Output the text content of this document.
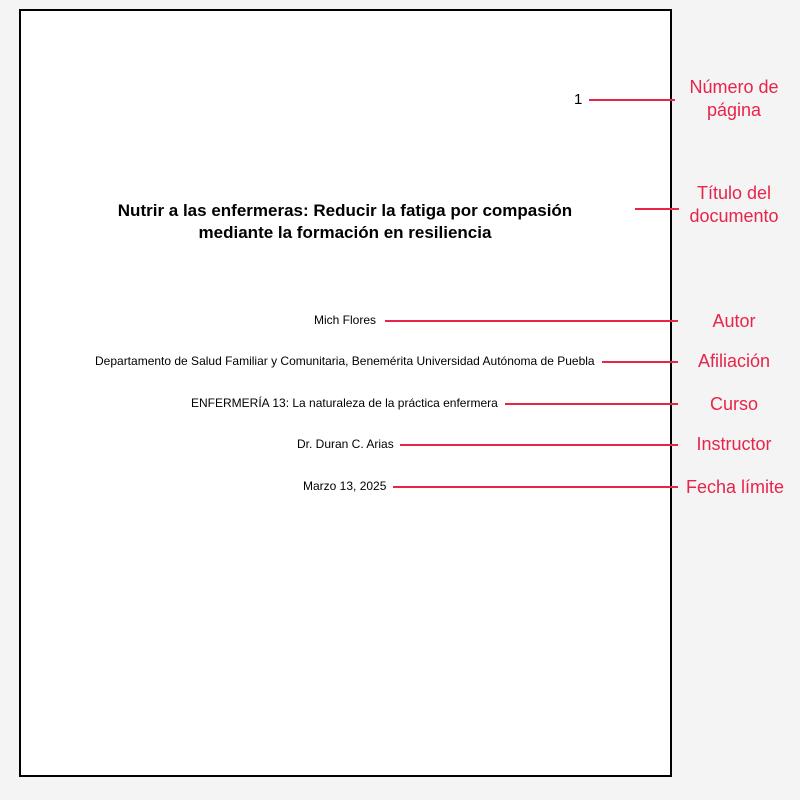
1
Nutrir a las enfermeras: Reducir la fatiga por compasión
mediante la formación en resiliencia
Mich Flores
Departamento de Salud Familiar y Comunitaria, Benemérita Universidad Autónoma de Puebla
ENFERMERÍA 13: La naturaleza de la práctica enfermera
Dr. Duran C. Arias
Marzo 13, 2025
Número de
página
Título del
documento
Autor
Afiliación
Curso
Instructor
Fecha límite
